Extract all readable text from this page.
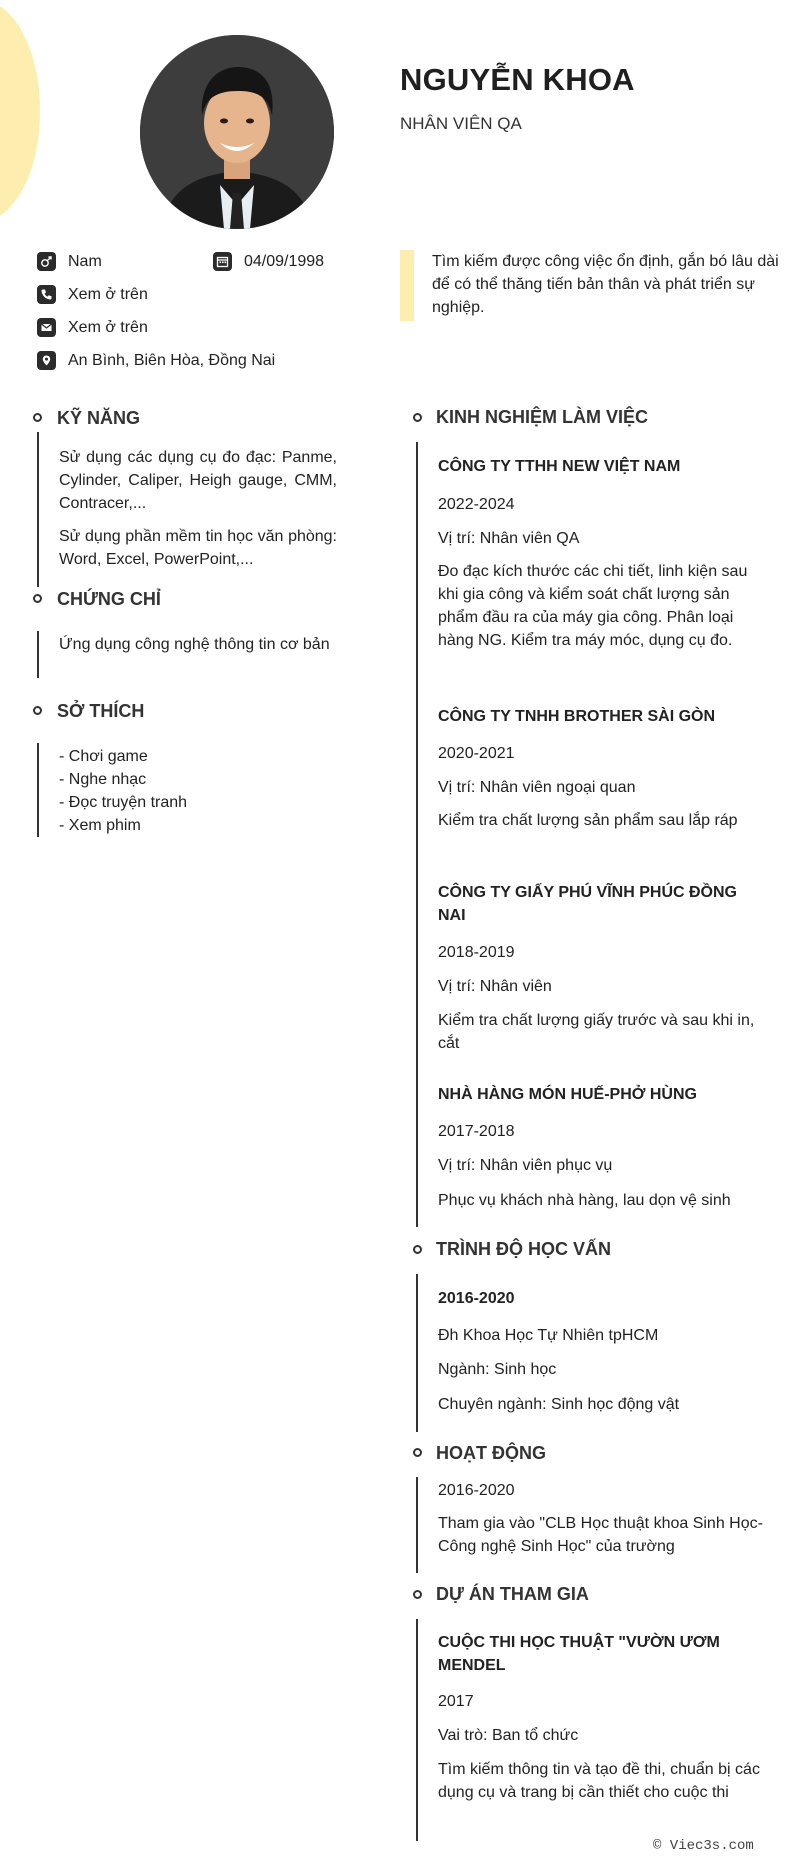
NGUYỄN KHOA
NHÂN VIÊN QA
Nam	04/09/1998
Xem ở trên
Xem ở trên
An Bình, Biên Hòa, Đồng Nai
Tìm kiếm được công việc ổn định, gắn bó lâu dài để có thể thăng tiến bản thân và phát triển sự nghiệp.
KỸ NĂNG
Sử dụng các dụng cụ đo đạc: Panme, Cylinder, Caliper, Heigh gauge, CMM, Contracer,...
Sử dụng phần mềm tin học văn phòng: Word, Excel, PowerPoint,...
CHỨNG CHỈ
Ứng dụng công nghệ thông tin cơ bản
SỞ THÍCH
- Chơi game
- Nghe nhạc
- Đọc truyện tranh
- Xem phim
KINH NGHIỆM LÀM VIỆC
CÔNG TY TTHH NEW VIỆT NAM
2022-2024
Vị trí: Nhân viên QA
Đo đạc kích thước các chi tiết, linh kiện sau khi gia công và kiểm soát chất lượng sản phẩm đầu ra của máy gia công. Phân loại hàng NG. Kiểm tra máy móc, dụng cụ đo.
CÔNG TY TNHH BROTHER SÀI GÒN
2020-2021
Vị trí: Nhân viên ngoại quan
Kiểm tra chất lượng sản phẩm sau lắp ráp
CÔNG TY GIẤY PHÚ VĨNH PHÚC ĐỒNG NAI
2018-2019
Vị trí: Nhân viên
Kiểm tra chất lượng giấy trước và sau khi in, cắt
NHÀ HÀNG MÓN HUẾ-PHỞ HÙNG
2017-2018
Vị trí: Nhân viên phục vụ
Phục vụ khách nhà hàng, lau dọn vệ sinh
TRÌNH ĐỘ HỌC VẤN
2016-2020
Đh Khoa Học Tự Nhiên tpHCM
Ngành: Sinh học
Chuyên ngành: Sinh học động vật
HOẠT ĐỘNG
2016-2020
Tham gia vào "CLB Học thuật khoa Sinh Học-Công nghệ Sinh Học" của trường
DỰ ÁN THAM GIA
CUỘC THI HỌC THUẬT "VƯỜN ƯƠM MENDEL
2017
Vai trò: Ban tổ chức
Tìm kiếm thông tin và tạo đề thi, chuẩn bị các dụng cụ và trang bị cần thiết cho cuộc thi
© Viec3s.com
